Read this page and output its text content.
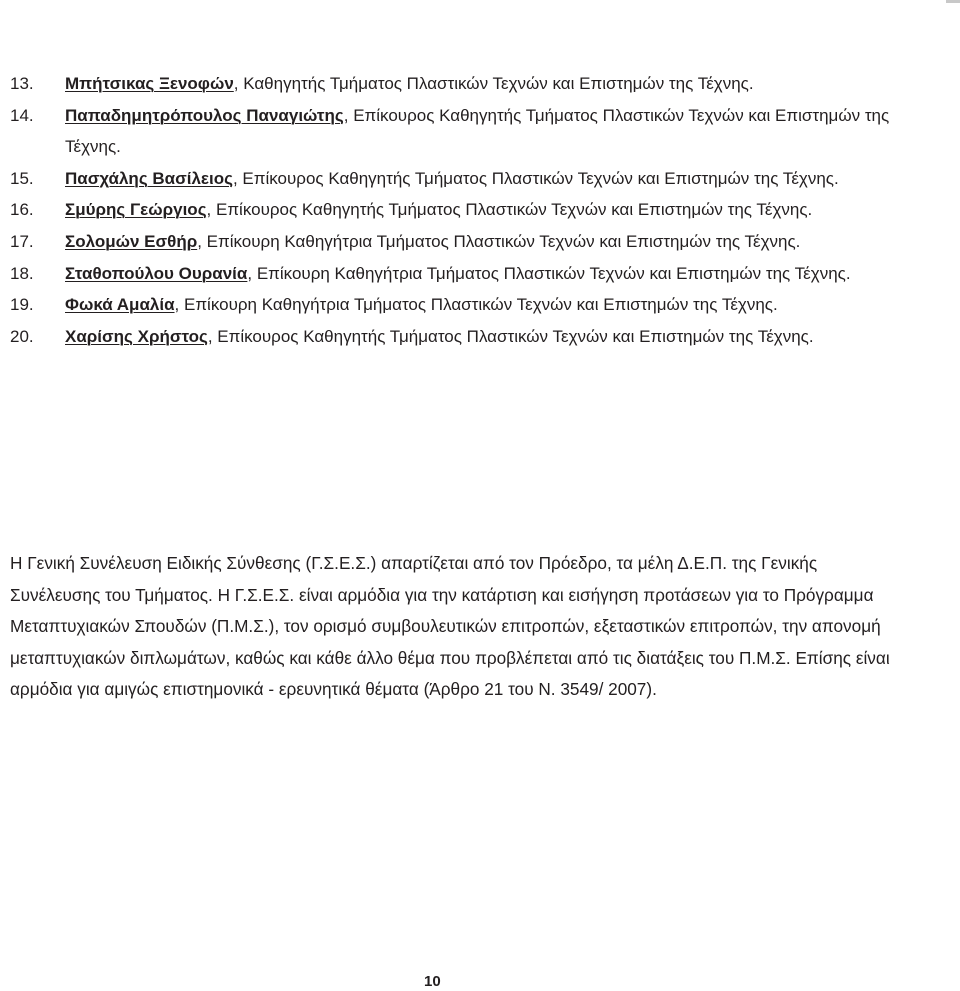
13.	Μπήτσικας Ξενοφών, Καθηγητής Τμήματος Πλαστικών Τεχνών και Επιστημών της Τέχνης.
14.	Παπαδημητρόπουλος Παναγιώτης, Επίκουρος Καθηγητής Τμήματος Πλαστικών Τεχνών και Επιστημών της Τέχνης.
15.	Πασχάλης Βασίλειος, Επίκουρος Καθηγητής Τμήματος Πλαστικών Τεχνών και Επιστημών της Τέχνης.
16.	Σμύρης Γεώργιος, Επίκουρος Καθηγητής Τμήματος Πλαστικών Τεχνών και Επιστημών της Τέχνης.
17.	Σολομών Εσθήρ, Επίκουρη Καθηγήτρια Τμήματος Πλαστικών Τεχνών και Επιστημών της Τέχνης.
18.	Σταθοπούλου Ουρανία, Επίκουρη Καθηγήτρια Τμήματος Πλαστικών Τεχνών και Επιστημών της Τέχνης.
19.	Φωκά Αμαλία, Επίκουρη Καθηγήτρια Τμήματος Πλαστικών Τεχνών και Επιστημών της Τέχνης.
20.	Χαρίσης Χρήστος, Επίκουρος Καθηγητής Τμήματος Πλαστικών Τεχνών και Επιστημών της Τέχνης.

Η Γενική Συνέλευση Ειδικής Σύνθεσης (Γ.Σ.Ε.Σ.) απαρτίζεται από τον Πρόεδρο, τα μέλη Δ.Ε.Π. της Γενικής Συνέλευσης του Τμήματος. Η Γ.Σ.Ε.Σ. είναι αρμόδια για την κατάρτιση και εισήγηση προτάσεων για το Πρόγραμμα Μεταπτυχιακών Σπουδών (Π.Μ.Σ.), τον ορισμό συμβουλευτικών επιτροπών, εξεταστικών επιτροπών, την απονομή μεταπτυχιακών διπλωμάτων, καθώς και κάθε άλλο θέμα που προβλέπεται από τις διατάξεις του Π.Μ.Σ. Επίσης είναι αρμόδια για αμιγώς επιστημονικά - ερευνητικά θέματα (Άρθρο 21 του Ν. 3549/ 2007).

10
